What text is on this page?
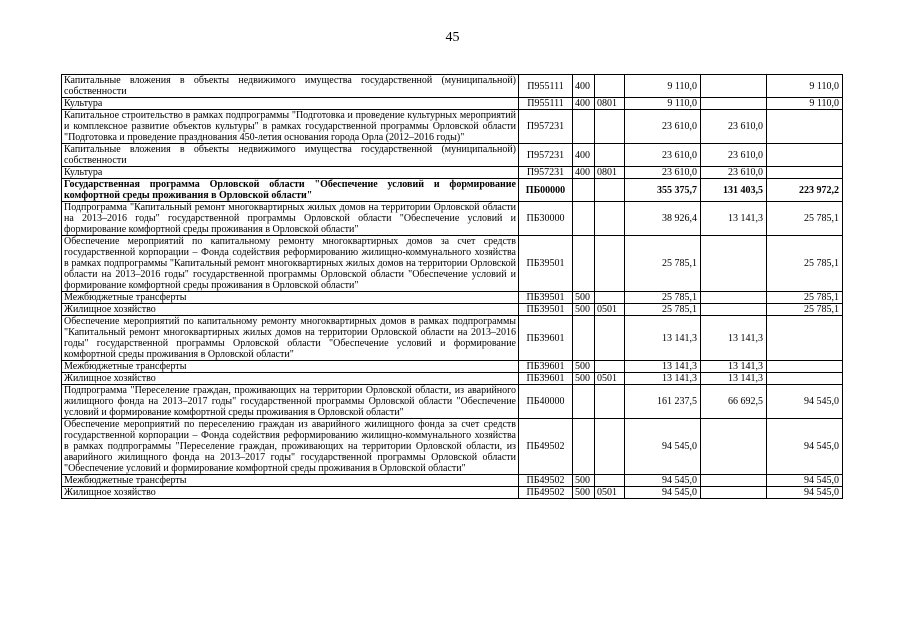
45
Капитальные вложения в объекты недвижимого имущества государственной (муниципальной) собственности	П955111	400		9 110,0		9 110,0
Культура	П955111	400	0801	9 110,0		9 110,0
Капитальное строительство в рамках подпрограммы "Подготовка и проведение культурных мероприятий и комплексное развитие объектов культуры" в рамках государственной программы Орловской области "Подготовка и проведение празднования 450-летия основания города Орла (2012–2016 годы)"	П957231			23 610,0	23 610,0	
Капитальные вложения в объекты недвижимого имущества государственной (муниципальной) собственности	П957231	400		23 610,0	23 610,0	
Культура	П957231	400	0801	23 610,0	23 610,0	
Государственная программа Орловской области "Обеспечение условий и формирование комфортной среды проживания в Орловской области"	ПБ00000			355 375,7	131 403,5	223 972,2
Подпрограмма "Капитальный ремонт многоквартирных жилых домов на территории Орловской области на 2013–2016 годы" государственной программы Орловской области "Обеспечение условий и формирование комфортной среды проживания в Орловской области"	ПБ30000			38 926,4	13 141,3	25 785,1
Обеспечение мероприятий по капитальному ремонту многоквартирных домов за счет средств государственной корпорации – Фонда содействия реформированию жилищно-коммунального хозяйства в рамках подпрограммы "Капитальный ремонт многоквартирных жилых домов на территории Орловской области на 2013–2016 годы" государственной программы Орловской области "Обеспечение условий и формирование комфортной среды проживания в Орловской области"	ПБ39501			25 785,1		25 785,1
Межбюджетные трансферты	ПБ39501	500		25 785,1		25 785,1
Жилищное хозяйство	ПБ39501	500	0501	25 785,1		25 785,1
Обеспечение мероприятий по капитальному ремонту многоквартирных домов в рамках подпрограммы "Капитальный ремонт многоквартирных жилых домов на территории Орловской области на 2013–2016 годы" государственной программы Орловской области "Обеспечение условий и формирование комфортной среды проживания в Орловской области"	ПБ39601			13 141,3	13 141,3	
Межбюджетные трансферты	ПБ39601	500		13 141,3	13 141,3	
Жилищное хозяйство	ПБ39601	500	0501	13 141,3	13 141,3	
Подпрограмма "Переселение граждан, проживающих на территории Орловской области, из аварийного жилищного фонда на 2013–2017 годы" государственной программы Орловской области "Обеспечение условий и формирование комфортной среды проживания в Орловской области"	ПБ40000			161 237,5	66 692,5	94 545,0
Обеспечение мероприятий по переселению граждан из аварийного жилищного фонда за счет средств государственной корпорации – Фонда содействия реформированию жилищно-коммунального хозяйства в рамках подпрограммы "Переселение граждан, проживающих на территории Орловской области, из аварийного жилищного фонда на 2013–2017 годы" государственной программы Орловской области "Обеспечение условий и формирование комфортной среды проживания в Орловской области"	ПБ49502			94 545,0		94 545,0
Межбюджетные трансферты	ПБ49502	500		94 545,0		94 545,0
Жилищное хозяйство	ПБ49502	500	0501	94 545,0		94 545,0
